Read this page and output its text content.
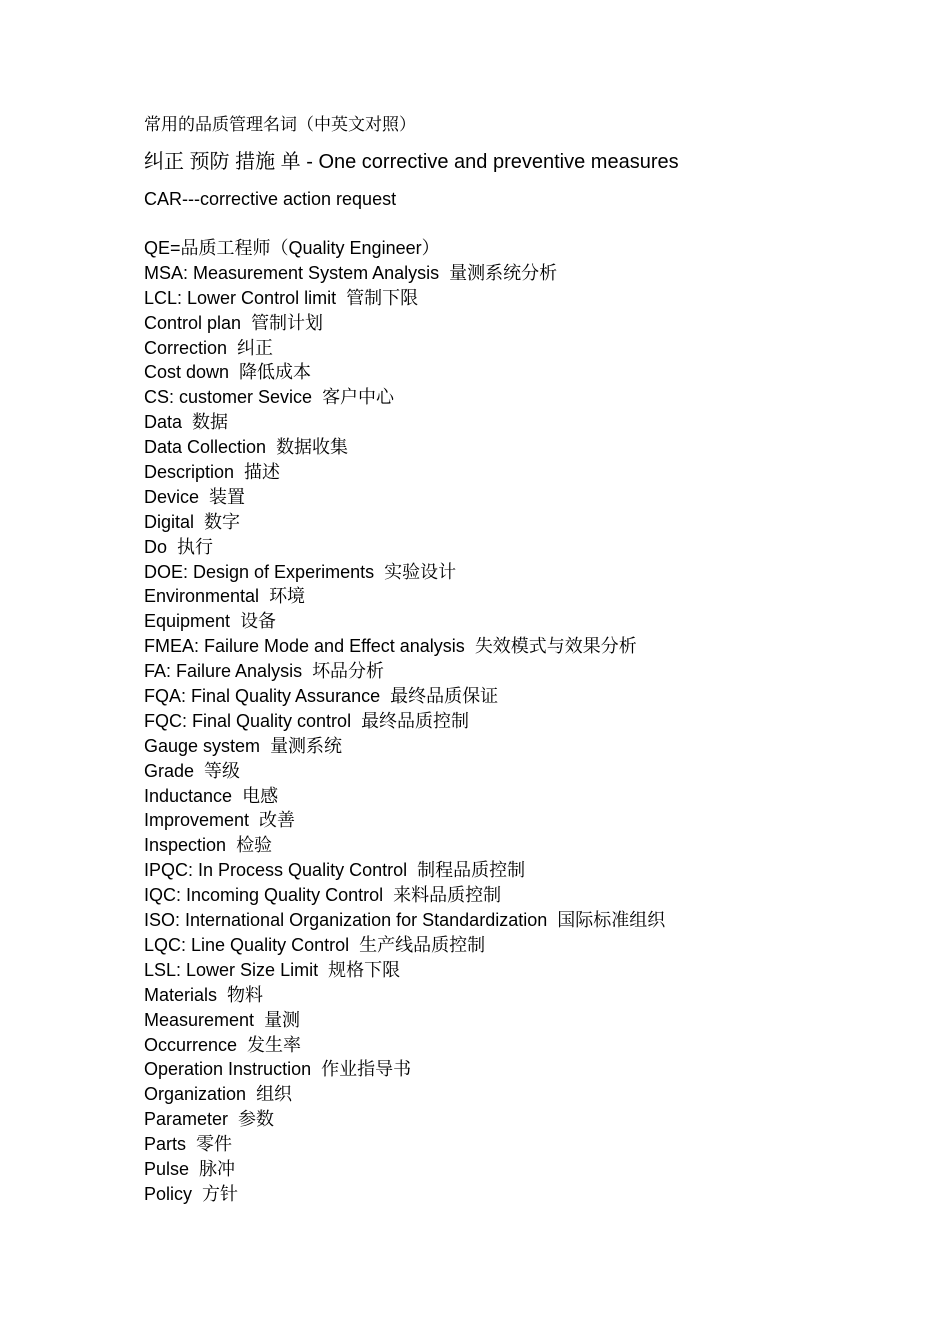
常用的品质管理名词（中英文对照）
纠正 预防 措施 单 - One corrective and preventive measures
CAR---corrective action request
QE=品质工程师（Quality Engineer）
MSA: Measurement System Analysis 量测系统分析
LCL: Lower Control limit 管制下限
Control plan 管制计划
Correction 纠正
Cost down 降低成本
CS: customer Sevice 客户中心
Data 数据
Data Collection 数据收集
Description 描述
Device 装置
Digital 数字
Do 执行
DOE: Design of Experiments 实验设计
Environmental 环境
Equipment 设备
FMEA: Failure Mode and Effect analysis 失效模式与效果分析
FA: Failure Analysis 坏品分析
FQA: Final Quality Assurance 最终品质保证
FQC: Final Quality control 最终品质控制
Gauge system 量测系统
Grade 等级
Inductance 电感
Improvement 改善
Inspection 检验
IPQC: In Process Quality Control 制程品质控制
IQC: Incoming Quality Control 来料品质控制
ISO: International Organization for Standardization 国际标准组织
LQC: Line Quality Control 生产线品质控制
LSL: Lower Size Limit 规格下限
Materials 物料
Measurement 量测
Occurrence 发生率
Operation Instruction 作业指导书
Organization 组织
Parameter 参数
Parts 零件
Pulse 脉冲
Policy 方针
